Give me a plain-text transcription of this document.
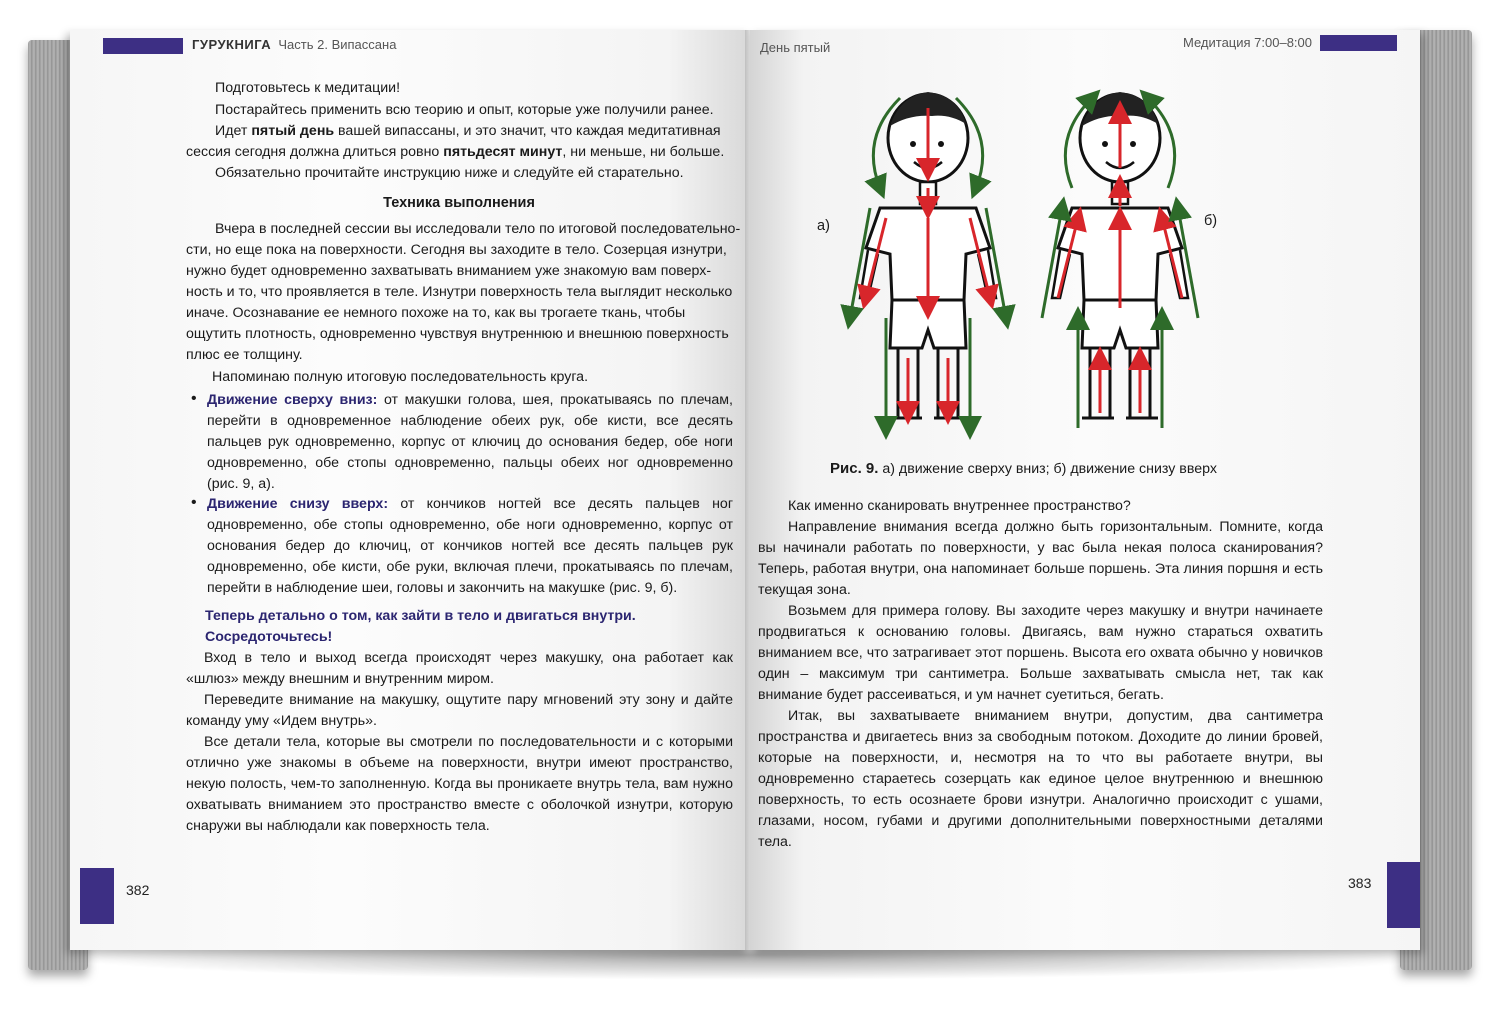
ГУРУКНИГА Часть 2. Випассана
Подготовьтесь к медитации!
Постарайтесь применить всю теорию и опыт, которые уже получили ранее.
Идет пятый день вашей випассаны, и это значит, что каждая медитативная
сессия сегодня должна длиться ровно пятьдесят минут, ни меньше, ни больше.
Обязательно прочитайте инструкцию ниже и следуйте ей старательно.
Техника выполнения
Вчера в последней сессии вы исследовали тело по итоговой последовательно-
сти, но еще пока на поверхности. Сегодня вы заходите в тело. Созерцая изнутри,
нужно будет одновременно захватывать вниманием уже знакомую вам поверх-
ность и то, что проявляется в теле. Изнутри поверхность тела выглядит несколько
иначе. Осознавание ее немного похоже на то, как вы трогаете ткань, чтобы
ощутить плотность, одновременно чувствуя внутреннюю и внешнюю поверхность
плюс ее толщину.
Напоминаю полную итоговую последовательность круга.
• Движение сверху вниз: от макушки голова, шея, прокатываясь по плечам, перейти в одновременное наблюдение обеих рук, обе кисти, все десять пальцев рук одновременно, корпус от ключиц до основания бедер, обе ноги одновременно, обе стопы одновременно, пальцы обеих ног одновременно (рис. 9, а).
• Движение снизу вверх: от кончиков ногтей все десять пальцев ног одновременно, обе стопы одновременно, обе ноги одновременно, корпус от основания бедер до ключиц, от кончиков ногтей все десять пальцев рук одновременно, обе кисти, обе руки, включая плечи, прокатываясь по плечам, перейти в наблюдение шеи, головы и закончить на макушке (рис. 9, б).
Теперь детально о том, как зайти в тело и двигаться внутри.
Сосредоточьтесь!
Вход в тело и выход всегда происходят через макушку, она работает как «шлюз» между внешним и внутренним миром.
Переведите внимание на макушку, ощутите пару мгновений эту зону и дайте команду уму «Идем внутрь».
Все детали тела, которые вы смотрели по последовательности и с которыми отлично уже знакомы в объеме на поверхности, внутри имеют пространство, некую полость, чем-то заполненную. Когда вы проникаете внутрь тела, вам нужно охватывать вниманием это пространство вместе с оболочкой изнутри, которую снаружи вы наблюдали как поверхность тела.
382
День пятый	Медитация 7:00–8:00
а)	б)
Рис. 9. а) движение сверху вниз; б) движение снизу вверх
Как именно сканировать внутреннее пространство?
Направление внимания всегда должно быть горизонтальным. Помните, когда вы начинали работать по поверхности, у вас была некая полоса сканирования? Теперь, работая внутри, она напоминает больше поршень. Эта линия поршня и есть текущая зона.
Возьмем для примера голову. Вы заходите через макушку и внутри начинаете продвигаться к основанию головы. Двигаясь, вам нужно стараться охватить вниманием все, что затрагивает этот поршень. Высота его охвата обычно у новичков один – максимум три сантиметра. Больше захватывать смысла нет, так как внимание будет рассеиваться, и ум начнет суетиться, бегать.
Итак, вы захватываете вниманием внутри, допустим, два сантиметра пространства и двигаетесь вниз за свободным потоком. Доходите до линии бровей, которые на поверхности, и, несмотря на то что вы работаете внутри, вы одновременно стараетесь созерцать как единое целое внутреннюю и внешнюю поверхность, то есть осознаете брови изнутри. Аналогично происходит с ушами, глазами, носом, губами и другими дополнительными поверхностными деталями тела.
383
